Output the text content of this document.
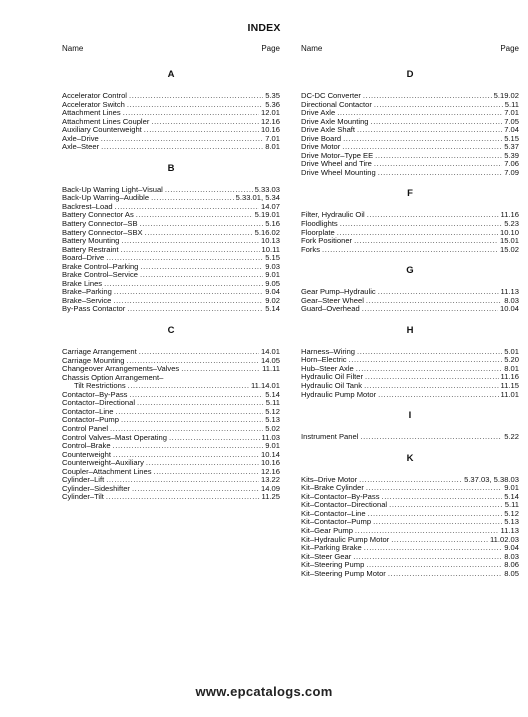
INDEX
Name	Page
A
Accelerator Control .....	5.35
Accelerator Switch .....	5.36
Attachment Lines .....	12.01
Attachment Lines Coupler .....	12.16
Auxiliary Counterweight .....	10.16
Axle–Drive .....	7.01
Axle–Steer .....	8.01
B
Back-Up Warring Light–Visual .....	5.33.03
Back-Up Warring–Audible .....	5.33.01, 5.34
Backrest–Load .....	14.07
Battery Connector As .....	5.19.01
Battery Connector–SB .....	5.16
Battery Connector–SBX .....	5.16.02
Battery Mounting .....	10.13
Battery Restraint .....	10.11
Board–Drive .....	5.15
Brake Control–Parking .....	9.03
Brake Control–Service .....	9.01
Brake Lines .....	9.05
Brake–Parking .....	9.04
Brake–Service .....	9.02
By-Pass Contactor .....	5.14
C
Carriage Arrangement .....	14.01
Carriage Mounting .....	14.05
Changeover Arrangements–Valves .....	11.11
Chassis Option Arrangement–
Tilt Restrictions .....	11.14.01
Contactor–By-Pass .....	5.14
Contactor–Directional .....	5.11
Contactor–Line .....	5.12
Contactor–Pump .....	5.13
Control Panel .....	5.02
Control Valves–Mast Operating .....	11.03
Control–Brake .....	9.01
Counterweight .....	10.14
Counterweight–Auxiliary .....	10.16
Coupler–Attachment Lines .....	12.16
Cylinder–Lift .....	13.22
Cylinder–Sideshifter .....	14.09
Cylinder–Tilt .....	11.25
Name	Page
D
DC-DC Converter .....	5.19.02
Directional Contactor .....	5.11
Drive Axle .....	7.01
Drive Axle Mounting .....	7.05
Drive Axle Shaft .....	7.04
Drive Board .....	5.15
Drive Motor .....	5.37
Drive Motor–Type EE .....	5.39
Drive Wheel and Tire .....	7.06
Drive Wheel Mounting .....	7.09
F
Filter, Hydraulic Oil .....	11.16
Floodlights .....	5.23
Floorplate .....	10.10
Fork Positioner .....	15.01
Forks .....	15.02
G
Gear Pump–Hydraulic .....	11.13
Gear–Steer Wheel .....	8.03
Guard–Overhead .....	10.04
H
Harness–Wiring .....	5.01
Horn–Electric .....	5.20
Hub–Steer Axle .....	8.01
Hydraulic Oil Filter .....	11.16
Hydraulic Oil Tank .....	11.15
Hydraulic Pump Motor .....	11.01
I
Instrument Panel .....	5.22
K
Kits–Drive Motor .....	5.37.03, 5.38.03
Kit–Brake Cylinder .....	9.01
Kit–Contactor–By-Pass .....	5.14
Kit–Contactor–Directional .....	5.11
Kit–Contactor–Line .....	5.12
Kit–Contactor–Pump .....	5.13
Kit–Gear Pump .....	11.13
Kit–Hydraulic Pump Motor .....	11.02.03
Kit–Parking Brake .....	9.04
Kit–Steer Gear .....	8.03
Kit–Steering Pump .....	8.06
Kit–Steering Pump Motor .....	8.05
www.epcatalogs.com
